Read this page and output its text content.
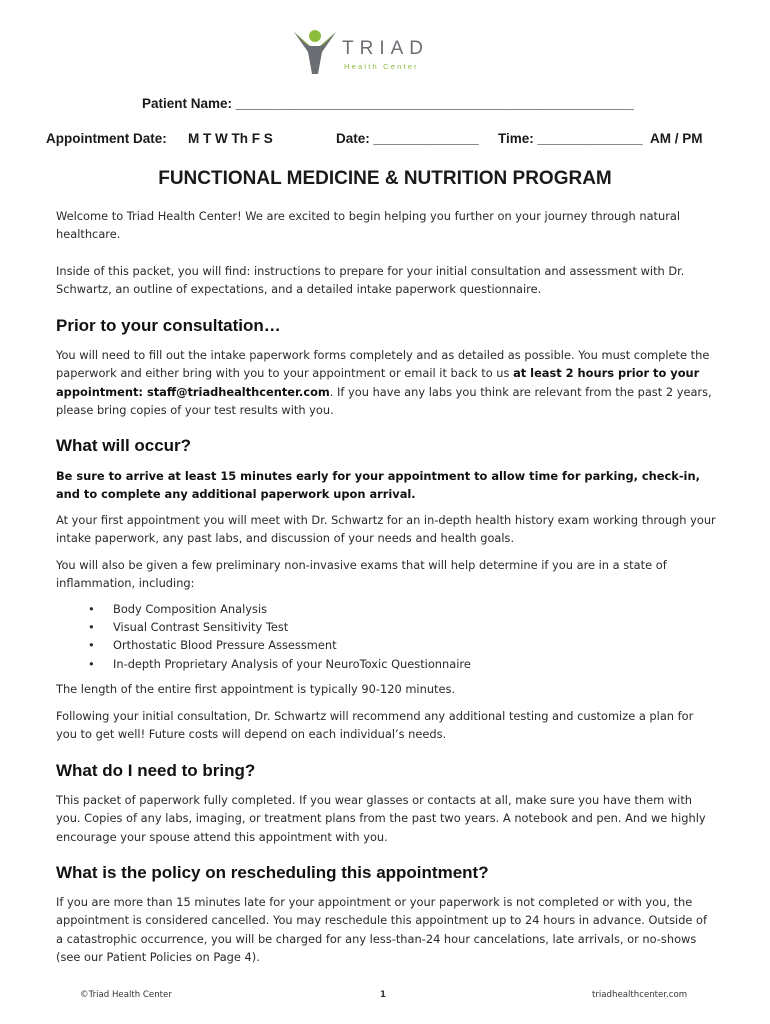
TRIAD
Health Center
Patient Name: _____________________________________________________
Appointment Date: M T W Th F S	Date: ______________ Time: ______________ AM / PM
FUNCTIONAL MEDICINE & NUTRITION PROGRAM

Welcome to Triad Health Center! We are excited to begin helping you further on your journey through natural healthcare.

Inside of this packet, you will find: instructions to prepare for your initial consultation and assessment with Dr. Schwartz, an outline of expectations, and a detailed intake paperwork questionnaire.

Prior to your consultation…

You will need to fill out the intake paperwork forms completely and as detailed as possible. You must complete the paperwork and either bring with you to your appointment or email it back to us at least 2 hours prior to your appointment: staff@triadhealthcenter.com. If you have any labs you think are relevant from the past 2 years, please bring copies of your test results with you.

What will occur?

Be sure to arrive at least 15 minutes early for your appointment to allow time for parking, check-in, and to complete any additional paperwork upon arrival.

At your first appointment you will meet with Dr. Schwartz for an in-depth health history exam working through your intake paperwork, any past labs, and discussion of your needs and health goals.

You will also be given a few preliminary non-invasive exams that will help determine if you are in a state of inflammation, including:

• Body Composition Analysis
• Visual Contrast Sensitivity Test
• Orthostatic Blood Pressure Assessment
• In-depth Proprietary Analysis of your NeuroToxic Questionnaire

The length of the entire first appointment is typically 90-120 minutes.

Following your initial consultation, Dr. Schwartz will recommend any additional testing and customize a plan for you to get well! Future costs will depend on each individual’s needs.

What do I need to bring?

This packet of paperwork fully completed. If you wear glasses or contacts at all, make sure you have them with you. Copies of any labs, imaging, or treatment plans from the past two years. A notebook and pen. And we highly encourage your spouse attend this appointment with you.

What is the policy on rescheduling this appointment?

If you are more than 15 minutes late for your appointment or your paperwork is not completed or with you, the appointment is considered cancelled. You may reschedule this appointment up to 24 hours in advance. Outside of a catastrophic occurrence, you will be charged for any less-than-24 hour cancelations, late arrivals, or no-shows (see our Patient Policies on Page 4).

©Triad Health Center	1	triadhealthcenter.com
